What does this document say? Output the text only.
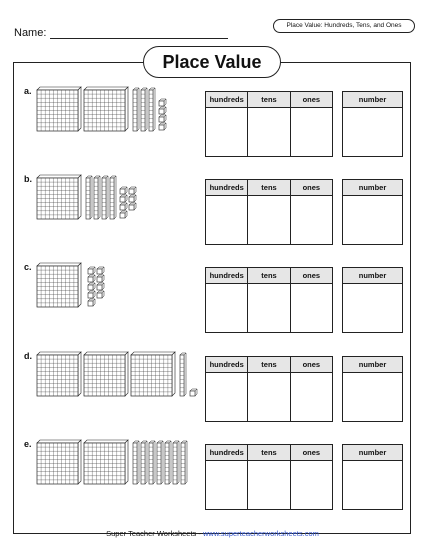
Place Value: Hundreds, Tens, and Ones
Name:
Place Value
a.
hundreds	tens	ones	number
b.
hundreds	tens	ones	number
c.
hundreds	tens	ones	number
d.
hundreds	tens	ones	number
e.
hundreds	tens	ones	number
Super Teacher Worksheets - www.superteacherworksheets.com
